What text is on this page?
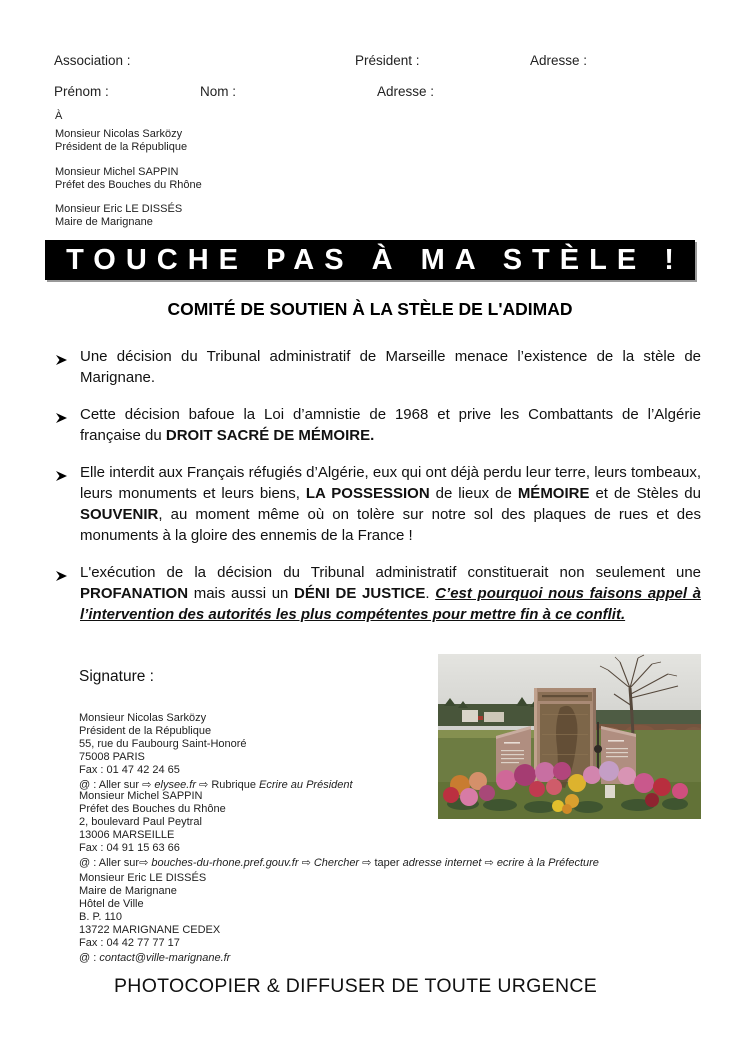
Association :	Président :	Adresse :
Prénom :	Nom :	Adresse :
À
Monsieur Nicolas Sarközy
Président de la République
Monsieur Michel SAPPIN
Préfet des Bouches du Rhône
Monsieur Eric LE DISSÉS
Maire de Marignane
TOUCHE PAS À MA STÈLE !
COMITÉ DE SOUTIEN À LA STÈLE DE L'ADIMAD
Une décision du Tribunal administratif de Marseille menace l’existence de la stèle de Marignane.
Cette décision bafoue la Loi d’amnistie de 1968 et prive les Combattants de l’Algérie française du DROIT SACRÉ DE MÉMOIRE.
Elle interdit aux Français réfugiés d’Algérie, eux qui ont déjà perdu leur terre, leurs tombeaux, leurs monuments et leurs biens, LA POSSESSION de lieux de MÉMOIRE et de Stèles du SOUVENIR, au moment même où on tolère sur notre sol des plaques de rues et des monuments à la gloire des ennemis de la France !
L'exécution de la décision du Tribunal administratif constituerait non seulement une PROFANATION mais aussi un DÉNI DE JUSTICE. C’est pourquoi nous faisons appel à l’intervention des autorités les plus compétentes pour mettre fin à ce conflit.
Signature :
Monsieur Nicolas Sarközy
Président de la République
55, rue du Faubourg Saint-Honoré
75008 PARIS
Fax : 01 47 42 24 65
@ : Aller sur ⇨ elysee.fr ⇨ Rubrique Ecrire au Président
Monsieur Michel SAPPIN
Préfet des Bouches du Rhône
2, boulevard Paul Peytral
13006 MARSEILLE
Fax : 04 91 15 63 66
@ : Aller sur⇨ bouches-du-rhone.pref.gouv.fr ⇨ Chercher ⇨ taper adresse internet ⇨ ecrire à la Préfecture
Monsieur Eric LE DISSÉS
Maire de Marignane
Hôtel de Ville
B. P. 110
13722 MARIGNANE CEDEX
Fax : 04 42 77 77 17
@ : contact@ville-marignane.fr
PHOTOCOPIER & DIFFUSER DE TOUTE URGENCE
